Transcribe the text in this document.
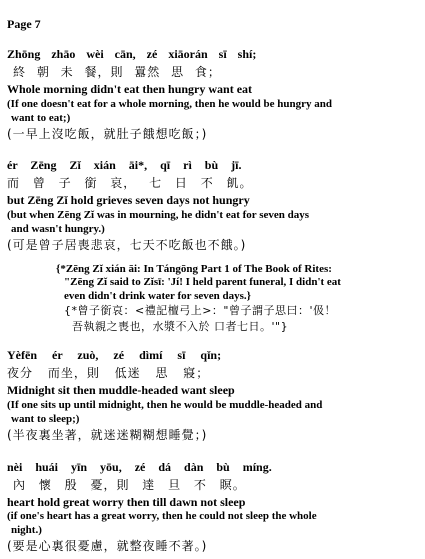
Page 7
Zhōng zhāo wèi cān, zé xiāorán sī shí;
終 朝 未 餐，則 囂然 思 食；
Whole morning didn't eat then hungry want eat
(If one doesn't eat for a whole morning, then he would be hungry and
want to eat;)
(一早上沒吃飯，就肚子餓想吃飯；)
ér Zēng Zǐ xián āi*, qī rì bù jī.
而 曾 子 銜 哀， 七 日 不 飢。
but Zēng Zǐ hold grieves seven days not hungry
(but when Zēng Zǐ was in mourning, he didn't eat for seven days
and wasn't hungry.)
(可是曾子居喪悲哀，七天不吃飯也不餓。)
{*Zēng Zǐ xián āi: In Tángōng Part 1 of The Book of Rites:
"Zēng Zǐ said to Zǐsī: 'Jí! I held parent funeral, I didn't eat
even didn't drink water for seven days.}
{*曾子銜哀：<禮記檀弓上>："曾子謂子思曰：'伋！
吾執親之喪也，水漿不入於 口者七日。'"}
Yèfēn ér zuò, zé dìmí sī qǐn;
夜分 而坐，則 低迷 思 寢；
Midnight sit then muddle-headed want sleep
(If one sits up until midnight, then he would be muddle-headed and
want to sleep;)
(半夜裏坐著，就迷迷糊糊想睡覺；)
nèi huái yīn yōu, zé dá dàn bù míng.
內 懷 殷 憂，則 達 旦 不 瞑。
heart hold great worry then till dawn not sleep
(if one's heart has a great worry, then he could not sleep the whole
night.)
(要是心裏很憂慮，就整夜睡不著。)
